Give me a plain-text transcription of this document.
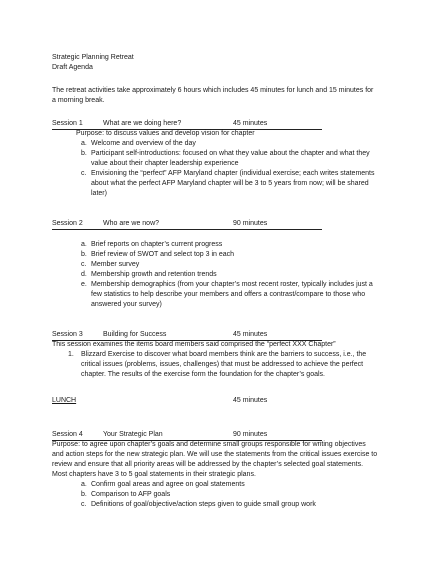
Strategic Planning Retreat
Draft Agenda
The retreat activities take approximately 6 hours which includes 45 minutes for lunch and 15 minutes for
a morning break.
Session 1	What are we doing here?	45 minutes
Purpose: to discuss values and develop vision for chapter
a. Welcome and overview of the day
b. Participant self-introductions: focused on what they value about the chapter and what they
value about their chapter leadership experience
c. Envisioning the “perfect” AFP Maryland chapter (individual exercise; each writes statements
about what the perfect AFP Maryland chapter will be 3 to 5 years from now; will be shared
later)
Session 2	Who are we now?	90 minutes
a. Brief reports on chapter’s current progress
b. Brief review of SWOT and select top 3 in each
c. Member survey
d. Membership growth and retention trends
e. Membership demographics (from your chapter’s most recent roster, typically includes just a
few statistics to help describe your members and offers a contrast/compare to those who
answered your survey)
Session 3	Building for Success	45 minutes
This session examines the items board members said comprised the “perfect XXX Chapter”
1. Blizzard Exercise to discover what board members think are the barriers to success, i.e., the
critical issues (problems, issues, challenges) that must be addressed to achieve the perfect
chapter. The results of the exercise form the foundation for the chapter’s goals.
LUNCH	45 minutes
Session 4	Your Strategic Plan	90 minutes
Purpose: to agree upon chapter’s goals and determine small groups responsible for writing objectives
and action steps for the new strategic plan. We will use the statements from the critical issues exercise to
review and ensure that all priority areas will be addressed by the chapter’s selected goal statements.
Most chapters have 3 to 5 goal statements in their strategic plans.
a. Confirm goal areas and agree on goal statements
b. Comparison to AFP goals
c. Definitions of goal/objective/action steps given to guide small group work
